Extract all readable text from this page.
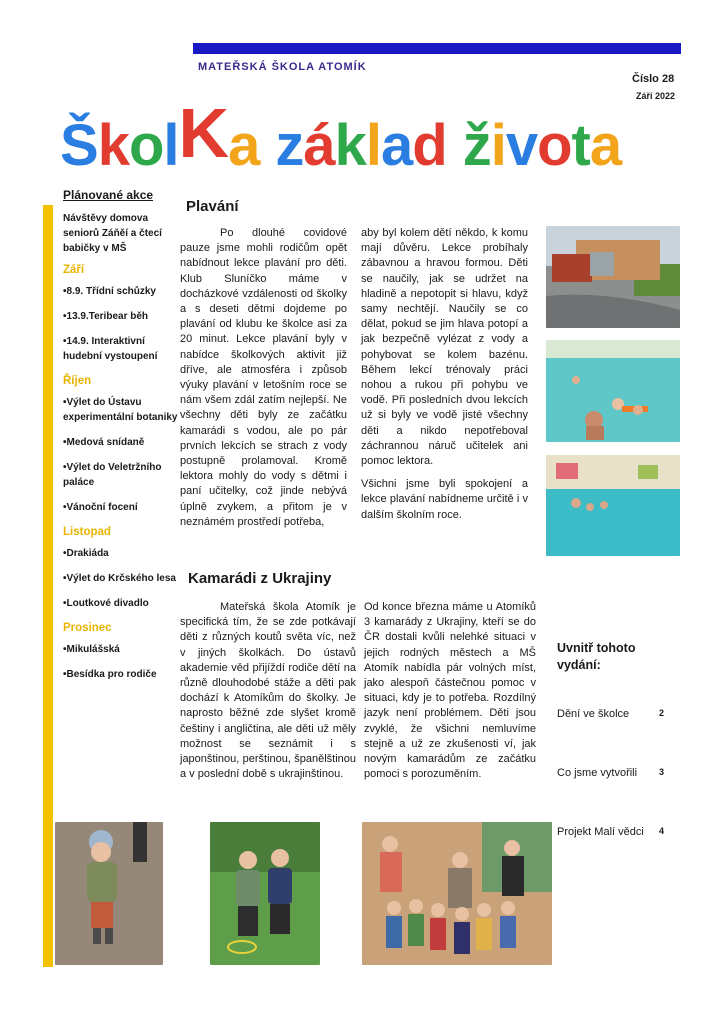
MATEŘSKÁ ŠKOLA ATOMÍK
Číslo 28
Září 2022
ŠkolKa základ života
Plánované akce
Návštěvy domova seniorů Záňěí a čtecí babičky v MŠ
Září
•8.9. Třídní schůzky
•13.9.Teribear běh
•14.9. Interaktivní hudební vystoupení
Říjen
•Výlet do Ústavu experimentální botaniky
•Medová snídaně
•Výlet do Veletržního paláce
•Vánoční focení
Listopad
•Drakiáda
•Výlet do Krčského lesa
•Loutkové divadlo
Prosinec
•Mikulášská
•Besídka pro rodiče
Plavání

Po dlouhé covidové pauze jsme mohli rodičům opět nabídnout lekce plavání pro děti. Klub Sluníčko máme v docházkové vzdálenosti od školky a s deseti dětmi dojdeme po plavání od klubu ke školce asi za 20 minut. Lekce plavání byly v nabídce školkových aktivit již dříve, ale atmosféra i způsob výuky plavání v letošním roce se nám všem zdál zatím nejlepší. Ne všechny děti byly ze začátku kamarádi s vodou, ale po pár prvních lekcích se strach z vody postupně prolamoval. Kromě lektora mohly do vody s dětmi i paní učitelky, což jinde nebývá úplně zvykem, a přitom je v neznámém prostředí potřeba,

aby byl kolem dětí někdo, k komu mají důvěru. Lekce probíhaly zábavnou a hravou formou. Děti se naučily, jak se udržet na hladině a nepotopit si hlavu, když samy nechtějí. Naučily se co dělat, pokud se jim hlava potopí a jak bezpečně vylézat z vody a pohybovat se kolem bazénu. Během lekcí trénovaly práci nohou a rukou při pohybu ve vodě. Při posledních dvou lekcích už si byly ve vodě jisté všechny děti a nikdo nepotřeboval záchrannou náruč učitelek ani pomoc lektora.

Všichni jsme byli spokojení a lekce plavání nabídneme určitě i v dalším školním roce.

Kamarádi z Ukrajiny

Mateřská škola Atomík je specifická tím, že se zde potkávají děti z různých koutů světa víc, než v jiných školkách. Do ústavů akademie věd přijíždí rodiče dětí na různě dlouhodobé stáže a děti pak dochází k Atomíkům do školky. Je naprosto běžné zde slyšet kromě češtiny i angličtina, ale děti už měly možnost se seznámit i s japonštinou, perštinou, španělštinou a v poslední době s ukrajinštinou.

Od konce března máme u Atomíků 3 kamarády z Ukrajiny, kteří se do ČR dostali kvůli nelehké situaci v jejich rodných městech a MŠ Atomík nabídla pár volných míst, jako alespoň částečnou pomoc v situaci, kdy je to potřeba. Rozdílný jazyk není problémem. Děti jsou zvyklé, že všichni nemluvíme stejně a už ze zkušenosti ví, jak novým kamarádům ze začátku pomoci s porozuměním.

Uvnitř tohoto vydání:
Dění ve školce	2
Co jsme vytvořili 3
Projekt Malí vědci 4
